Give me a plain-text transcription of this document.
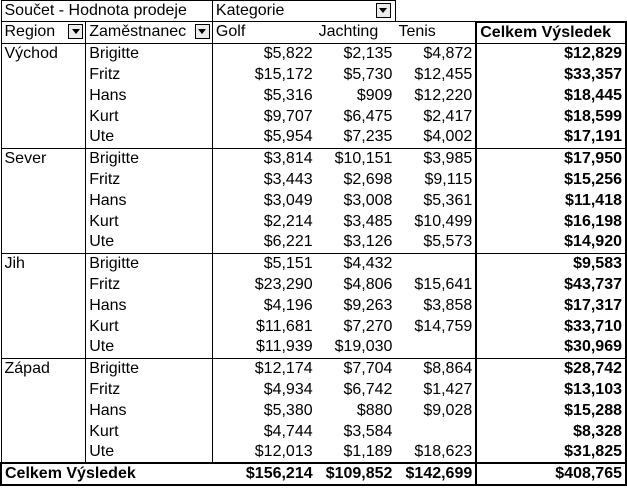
Součet - Hodnota prodeje		Kategorie		

Region	Zaměstnanec	Golf	Jachting	Tenis	Celkem Výsledek
Východ	Brigitte	$5,822	$2,135	$4,872	$12,829
	Fritz	$15,172	$5,730	$12,455	$33,357
	Hans	$5,316	$909	$12,220	$18,445
	Kurt	$9,707	$6,475	$2,417	$18,599
	Ute	$5,954	$7,235	$4,002	$17,191
Sever	Brigitte	$3,814	$10,151	$3,985	$17,950
	Fritz	$3,443	$2,698	$9,115	$15,256
	Hans	$3,049	$3,008	$5,361	$11,418
	Kurt	$2,214	$3,485	$10,499	$16,198
	Ute	$6,221	$3,126	$5,573	$14,920
Jih	Brigitte	$5,151	$4,432		$9,583
	Fritz	$23,290	$4,806	$15,641	$43,737
	Hans	$4,196	$9,263	$3,858	$17,317
	Kurt	$11,681	$7,270	$14,759	$33,710
	Ute	$11,939	$19,030		$30,969
Západ	Brigitte	$12,174	$7,704	$8,864	$28,742
	Fritz	$4,934	$6,742	$1,427	$13,103
	Hans	$5,380	$880	$9,028	$15,288
	Kurt	$4,744	$3,584		$8,328
	Ute	$12,013	$1,189	$18,623	$31,825
Celkem Výsledek		$156,214	$109,852	$142,699	$408,765
